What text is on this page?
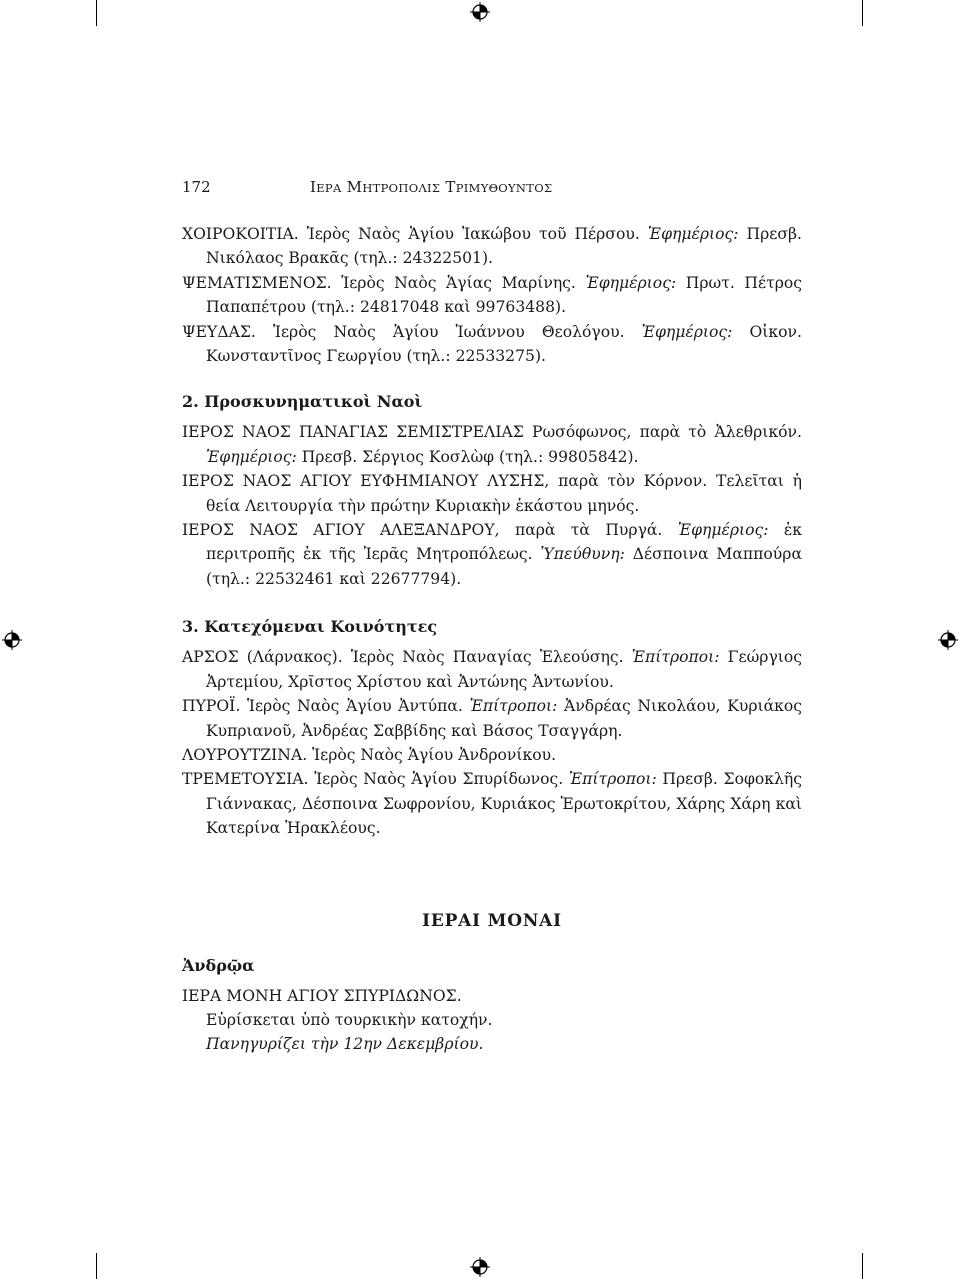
172	ΙΕΡΑ ΜΗΤΡΟΠΟΛΙΣ ΤΡΙΜΥΘΟΥΝΤΟΣ

ΧΟΙΡΟΚΟΙΤΙΑ. Ἱερὸς Ναὸς Ἁγίου Ἰακώβου τοῦ Πέρσου. Ἐφημέριος: Πρεσβ. Νικόλαος Βρακᾶς (τηλ.: 24322501).

ΨΕΜΑΤΙΣΜΕΝΟΣ. Ἱερὸς Ναὸς Ἁγίας Μαρίνης. Ἐφημέριος: Πρωτ. Πέτρος Παπαπέτρου (τηλ.: 24817048 καὶ 99763488).

ΨΕΥΔΑΣ. Ἱερὸς Ναὸς Ἁγίου Ἰωάννου Θεολόγου. Ἐφημέριος: Οἰκον. Κωνσταντῖνος Γεωργίου (τηλ.: 22533275).

2. Προσκυνηματικοὶ Ναοὶ

ΙΕΡΟΣ ΝΑΟΣ ΠΑΝΑΓΙΑΣ ΣΕΜΙΣΤΡΕΛΙΑΣ Ρωσόφωνος, παρὰ τὸ Ἀλεθρικόν. Ἐφημέριος: Πρεσβ. Σέργιος Κοσλὼφ (τηλ.: 99805842).

ΙΕΡΟΣ ΝΑΟΣ ΑΓΙΟΥ ΕΥΦΗΜΙΑΝΟΥ ΛΥΣΗΣ, παρὰ τὸν Κόρνον. Τελεῖται ἡ θεία Λειτουργία τὴν πρώτην Κυριακὴν ἑκάστου μηνός.

ΙΕΡΟΣ ΝΑΟΣ ΑΓΙΟΥ ΑΛΕΞΑΝΔΡΟΥ, παρὰ τὰ Πυργά. Ἐφημέριος: ἐκ περιτροπῆς ἐκ τῆς Ἱερᾶς Μητροπόλεως. Ὑπεύθυνη: Δέσποινα Μαππούρα (τηλ.: 22532461 καὶ 22677794).

3. Κατεχόμεναι Κοινότητες

ΑΡΣΟΣ (Λάρνακος). Ἱερὸς Ναὸς Παναγίας Ἐλεούσης. Ἐπίτροποι: Γεώργιος Ἀρτεμίου, Χρῖστος Χρίστου καὶ Ἀντώνης Ἀντωνίου.

ΠΥΡΟΪ. Ἱερὸς Ναὸς Ἁγίου Ἀντύπα. Ἐπίτροποι: Ἀνδρέας Νικολάου, Κυριάκος Κυπριανοῦ, Ἀνδρέας Σαββίδης καὶ Βάσος Τσαγγάρη.

ΛΟΥΡΟΥΤΖΙΝΑ. Ἱερὸς Ναὸς Ἁγίου Ἀνδρονίκου.

ΤΡΕΜΕΤΟΥΣΙΑ. Ἱερὸς Ναὸς Ἁγίου Σπυρίδωνος. Ἐπίτροποι: Πρεσβ. Σοφοκλῆς Γιάννακας, Δέσποινα Σωφρονίου, Κυριάκος Ἐρωτοκρίτου, Χάρης Χάρη καὶ Κατερίνα Ἡρακλέους.

ΙΕΡΑΙ ΜΟΝΑΙ

Ἀνδρῷα

ΙΕΡΑ ΜΟΝΗ ΑΓΙΟΥ ΣΠΥΡΙΔΩΝΟΣ.

Εὑρίσκεται ὑπὸ τουρκικὴν κατοχήν.

Πανηγυρίζει τὴν 12ην Δεκεμβρίου.
